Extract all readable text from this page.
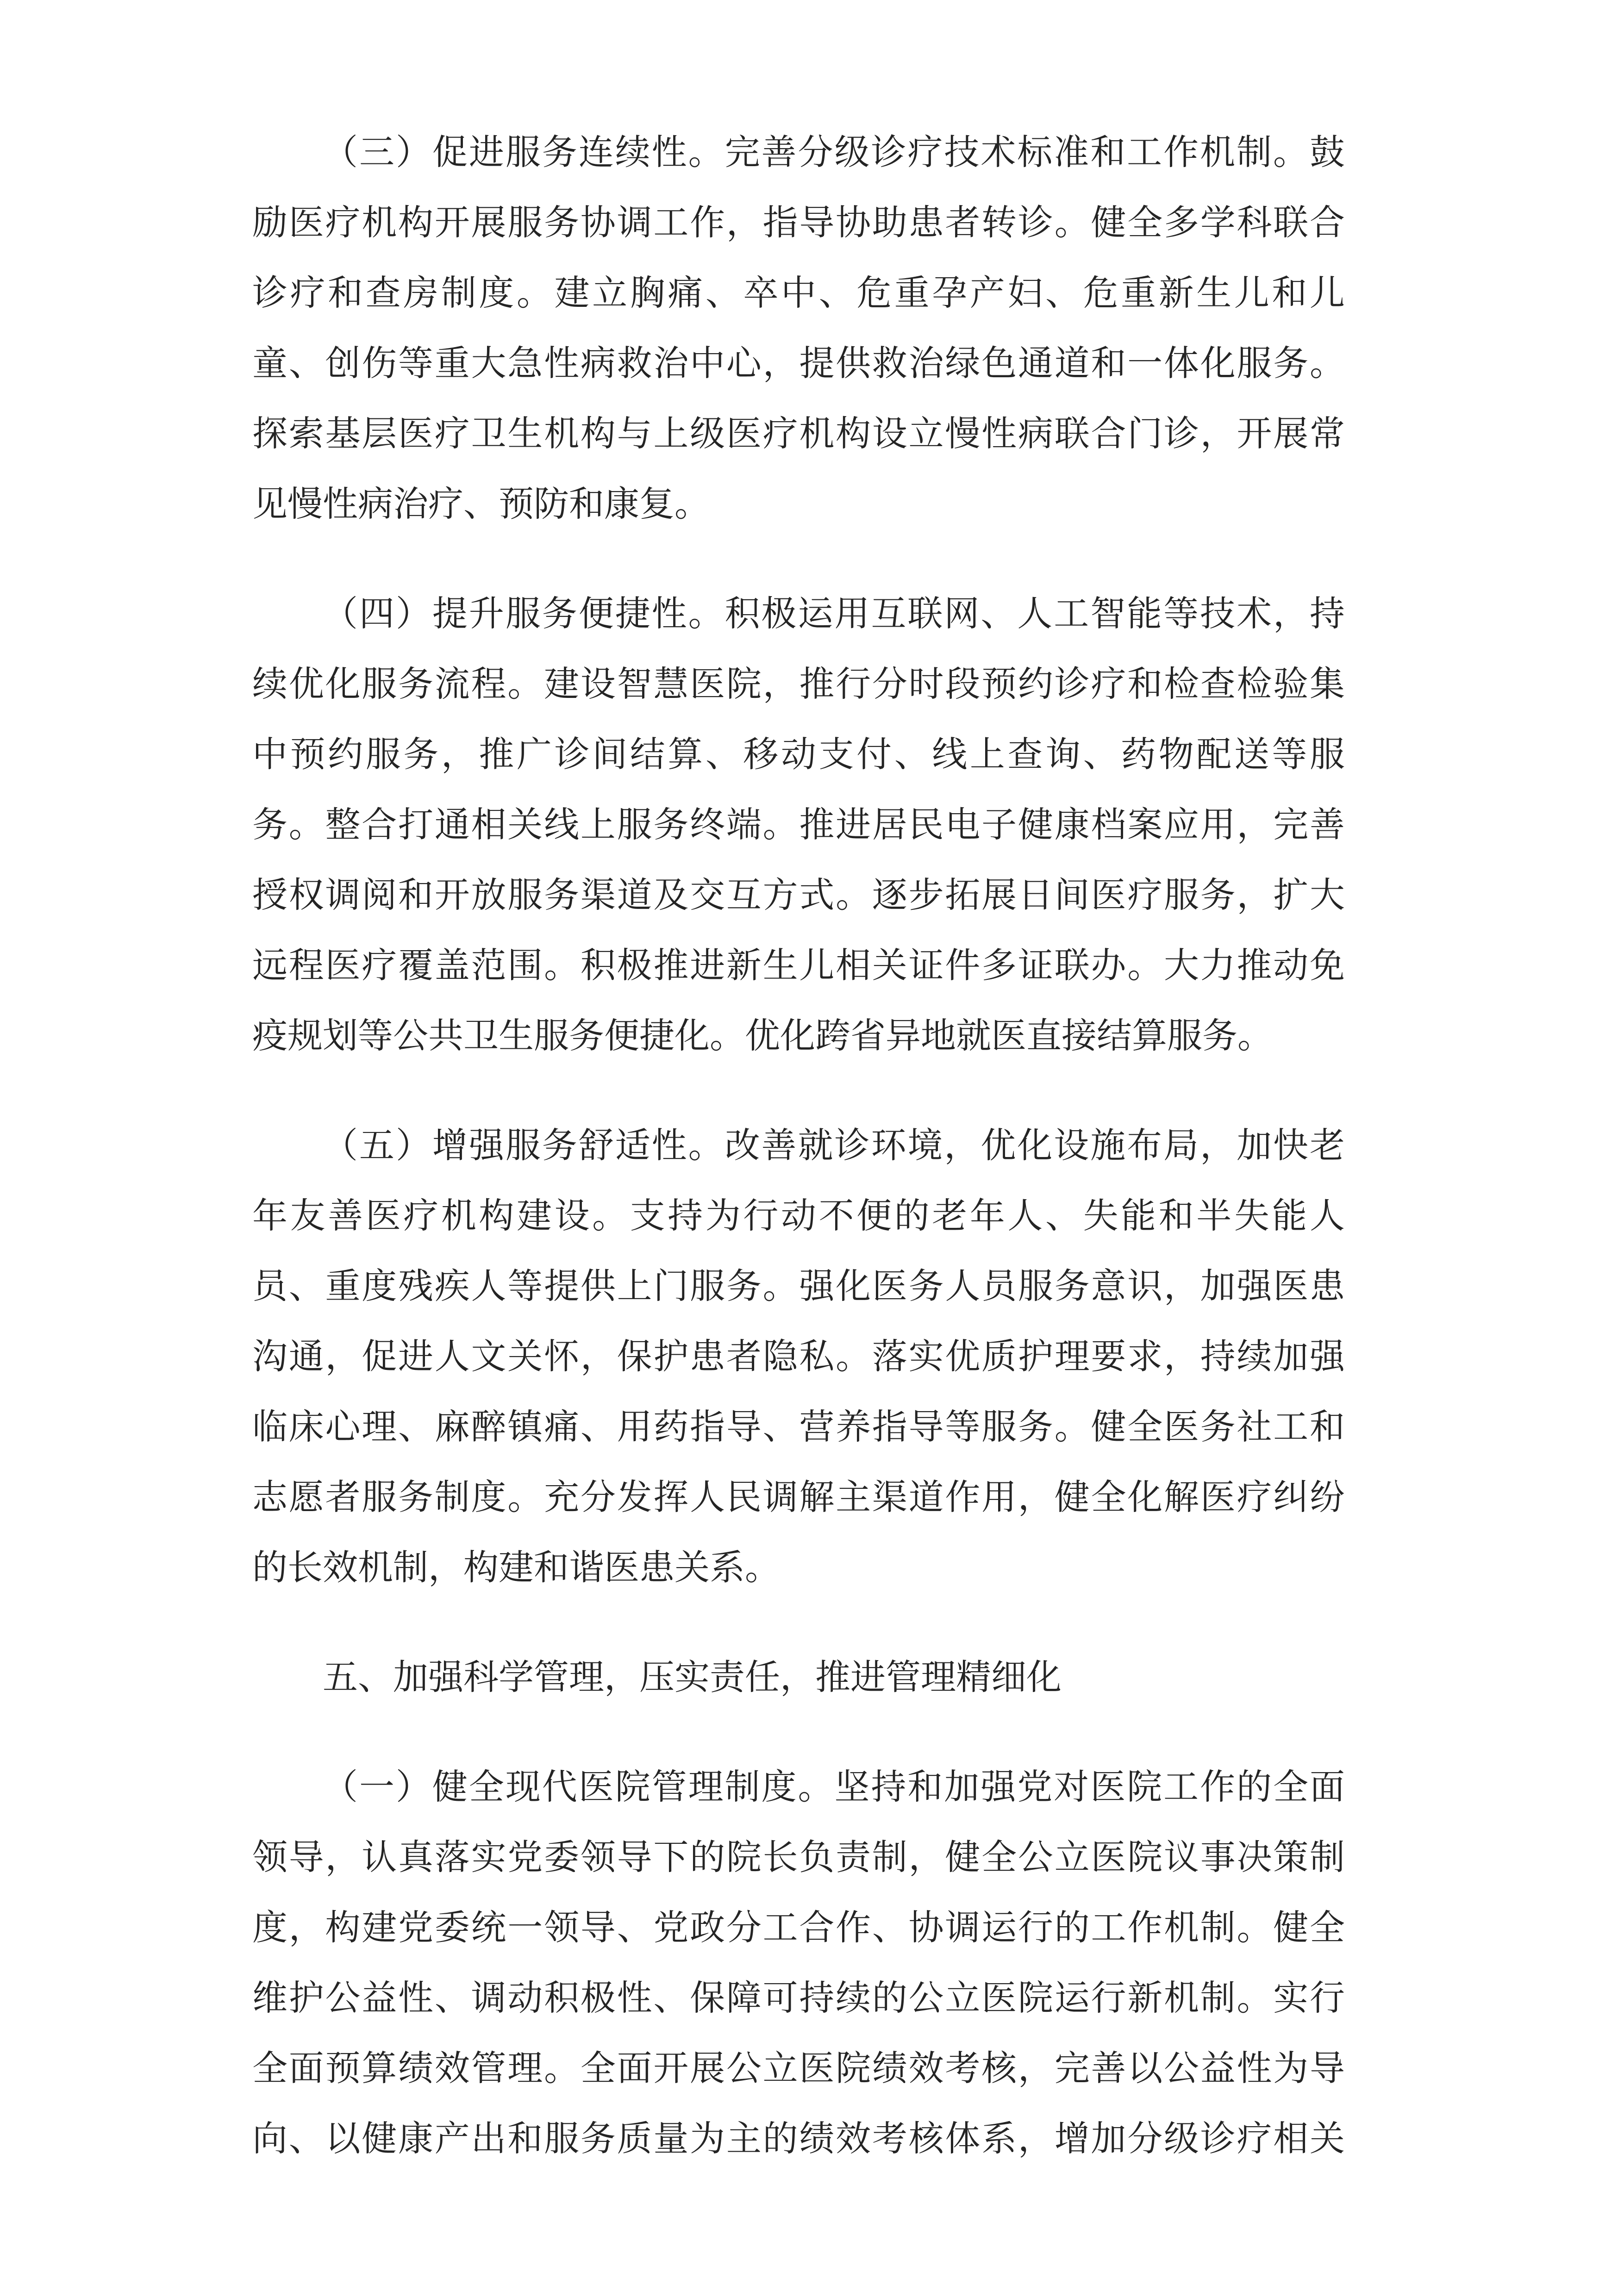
（三）促进服务连续性。完善分级诊疗技术标准和工作机制。鼓
励医疗机构开展服务协调工作，指导协助患者转诊。健全多学科联合
诊疗和查房制度。建立胸痛、卒中、危重孕产妇、危重新生儿和儿
童、创伤等重大急性病救治中心，提供救治绿色通道和一体化服务。
探索基层医疗卫生机构与上级医疗机构设立慢性病联合门诊，开展常
见慢性病治疗、预防和康复。
（四）提升服务便捷性。积极运用互联网、人工智能等技术，持
续优化服务流程。建设智慧医院，推行分时段预约诊疗和检查检验集
中预约服务，推广诊间结算、移动支付、线上查询、药物配送等服
务。整合打通相关线上服务终端。推进居民电子健康档案应用，完善
授权调阅和开放服务渠道及交互方式。逐步拓展日间医疗服务，扩大
远程医疗覆盖范围。积极推进新生儿相关证件多证联办。大力推动免
疫规划等公共卫生服务便捷化。优化跨省异地就医直接结算服务。
（五）增强服务舒适性。改善就诊环境，优化设施布局，加快老
年友善医疗机构建设。支持为行动不便的老年人、失能和半失能人
员、重度残疾人等提供上门服务。强化医务人员服务意识，加强医患
沟通，促进人文关怀，保护患者隐私。落实优质护理要求，持续加强
临床心理、麻醉镇痛、用药指导、营养指导等服务。健全医务社工和
志愿者服务制度。充分发挥人民调解主渠道作用，健全化解医疗纠纷
的长效机制，构建和谐医患关系。
五、加强科学管理，压实责任，推进管理精细化
（一）健全现代医院管理制度。坚持和加强党对医院工作的全面
领导，认真落实党委领导下的院长负责制，健全公立医院议事决策制
度，构建党委统一领导、党政分工合作、协调运行的工作机制。健全
维护公益性、调动积极性、保障可持续的公立医院运行新机制。实行
全面预算绩效管理。全面开展公立医院绩效考核，完善以公益性为导
向、以健康产出和服务质量为主的绩效考核体系，增加分级诊疗相关
